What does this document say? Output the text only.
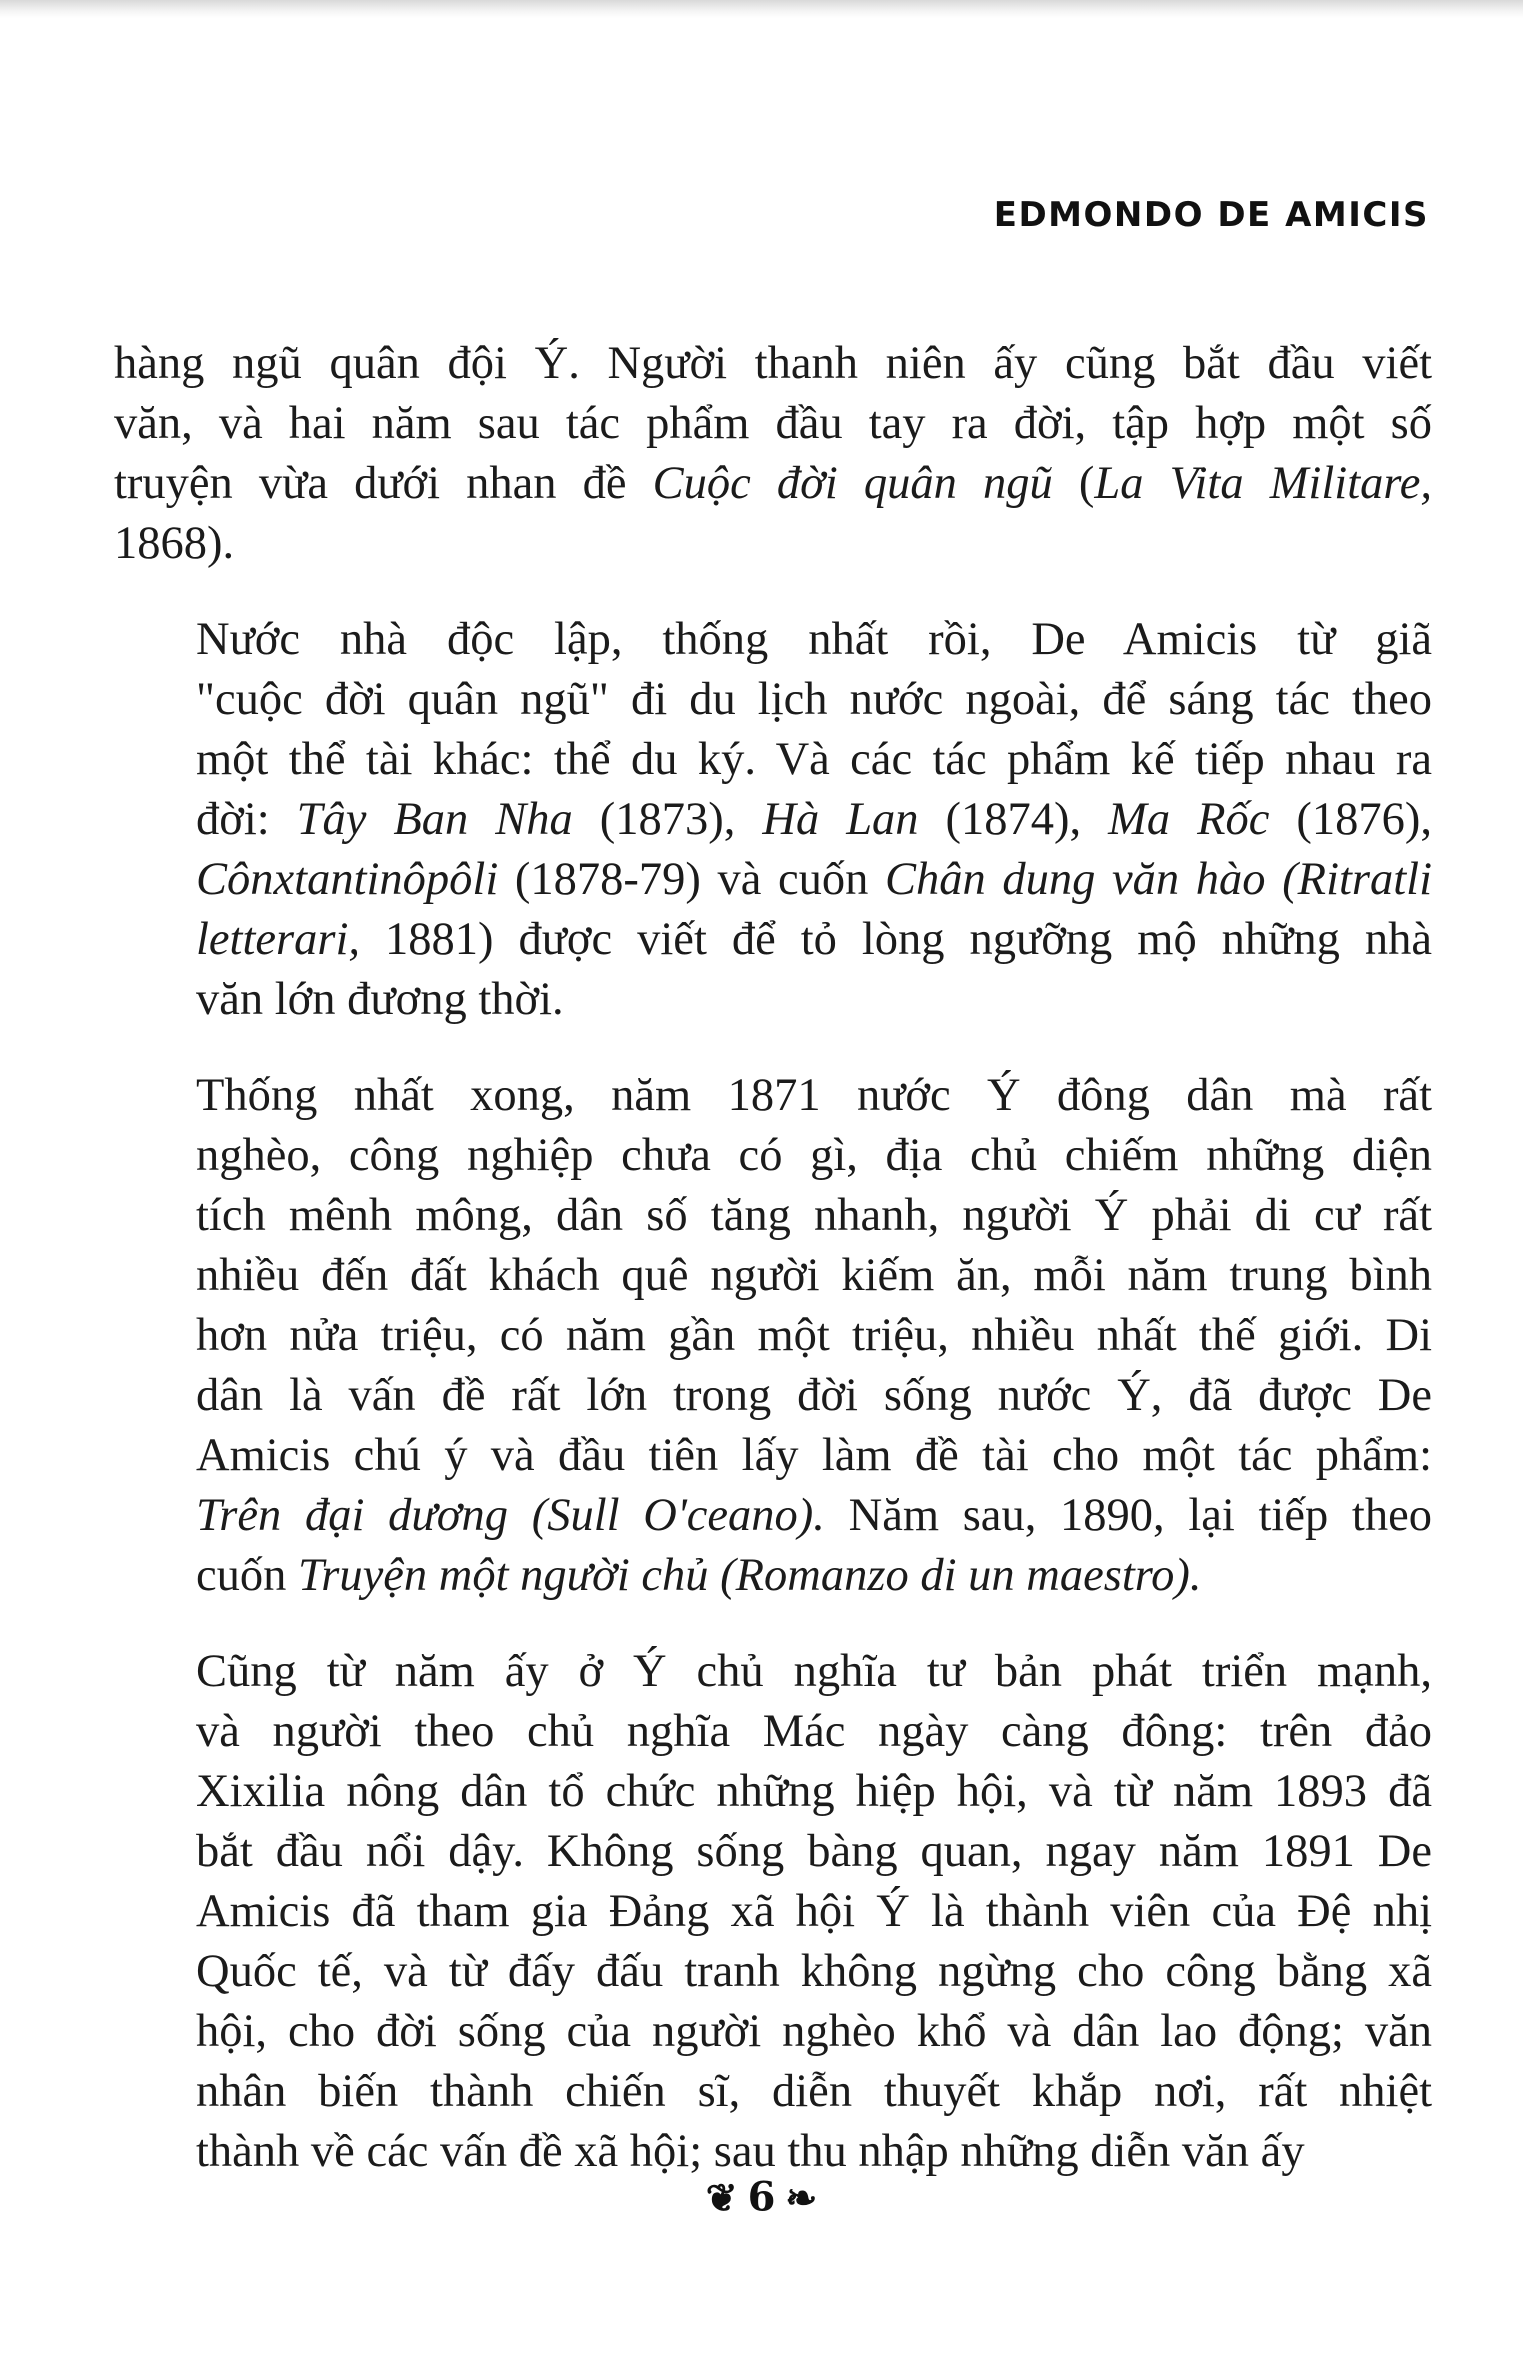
EDMONDO DE AMICIS
hàng ngũ quân đội Ý. Người thanh niên ấy cũng bắt đầu viết
văn, và hai năm sau tác phẩm đầu tay ra đời, tập hợp một số
truyện vừa dưới nhan đề Cuộc đời quân ngũ (La Vita Militare,
1868).
Nước nhà độc lập, thống nhất rồi, De Amicis từ giã
"cuộc đời quân ngũ" đi du lịch nước ngoài, để sáng tác theo
một thể tài khác: thể du ký. Và các tác phẩm kế tiếp nhau ra
đời: Tây Ban Nha (1873), Hà Lan (1874), Ma Rốc (1876),
Cônxtantinôpôli (1878-79) và cuốn Chân dung văn hào (Ritratli
letterari, 1881) được viết để tỏ lòng ngưỡng mộ những nhà
văn lớn đương thời.
Thống nhất xong, năm 1871 nước Ý đông dân mà rất
nghèo, công nghiệp chưa có gì, địa chủ chiếm những diện
tích mênh mông, dân số tăng nhanh, người Ý phải di cư rất
nhiều đến đất khách quê người kiếm ăn, mỗi năm trung bình
hơn nửa triệu, có năm gần một triệu, nhiều nhất thế giới. Di
dân là vấn đề rất lớn trong đời sống nước Ý, đã được De
Amicis chú ý và đầu tiên lấy làm đề tài cho một tác phẩm:
Trên đại dương (Sull O'ceano). Năm sau, 1890, lại tiếp theo
cuốn Truyện một người chủ (Romanzo di un maestro).
Cũng từ năm ấy ở Ý chủ nghĩa tư bản phát triển mạnh,
và người theo chủ nghĩa Mác ngày càng đông: trên đảo
Xixilia nông dân tổ chức những hiệp hội, và từ năm 1893 đã
bắt đầu nổi dậy. Không sống bàng quan, ngay năm 1891 De
Amicis đã tham gia Đảng xã hội Ý là thành viên của Đệ nhị
Quốc tế, và từ đấy đấu tranh không ngừng cho công bằng xã
hội, cho đời sống của người nghèo khổ và dân lao động; văn
nhân biến thành chiến sĩ, diễn thuyết khắp nơi, rất nhiệt
thành về các vấn đề xã hội; sau thu nhập những diễn văn ấy
❦ 6 ❧
